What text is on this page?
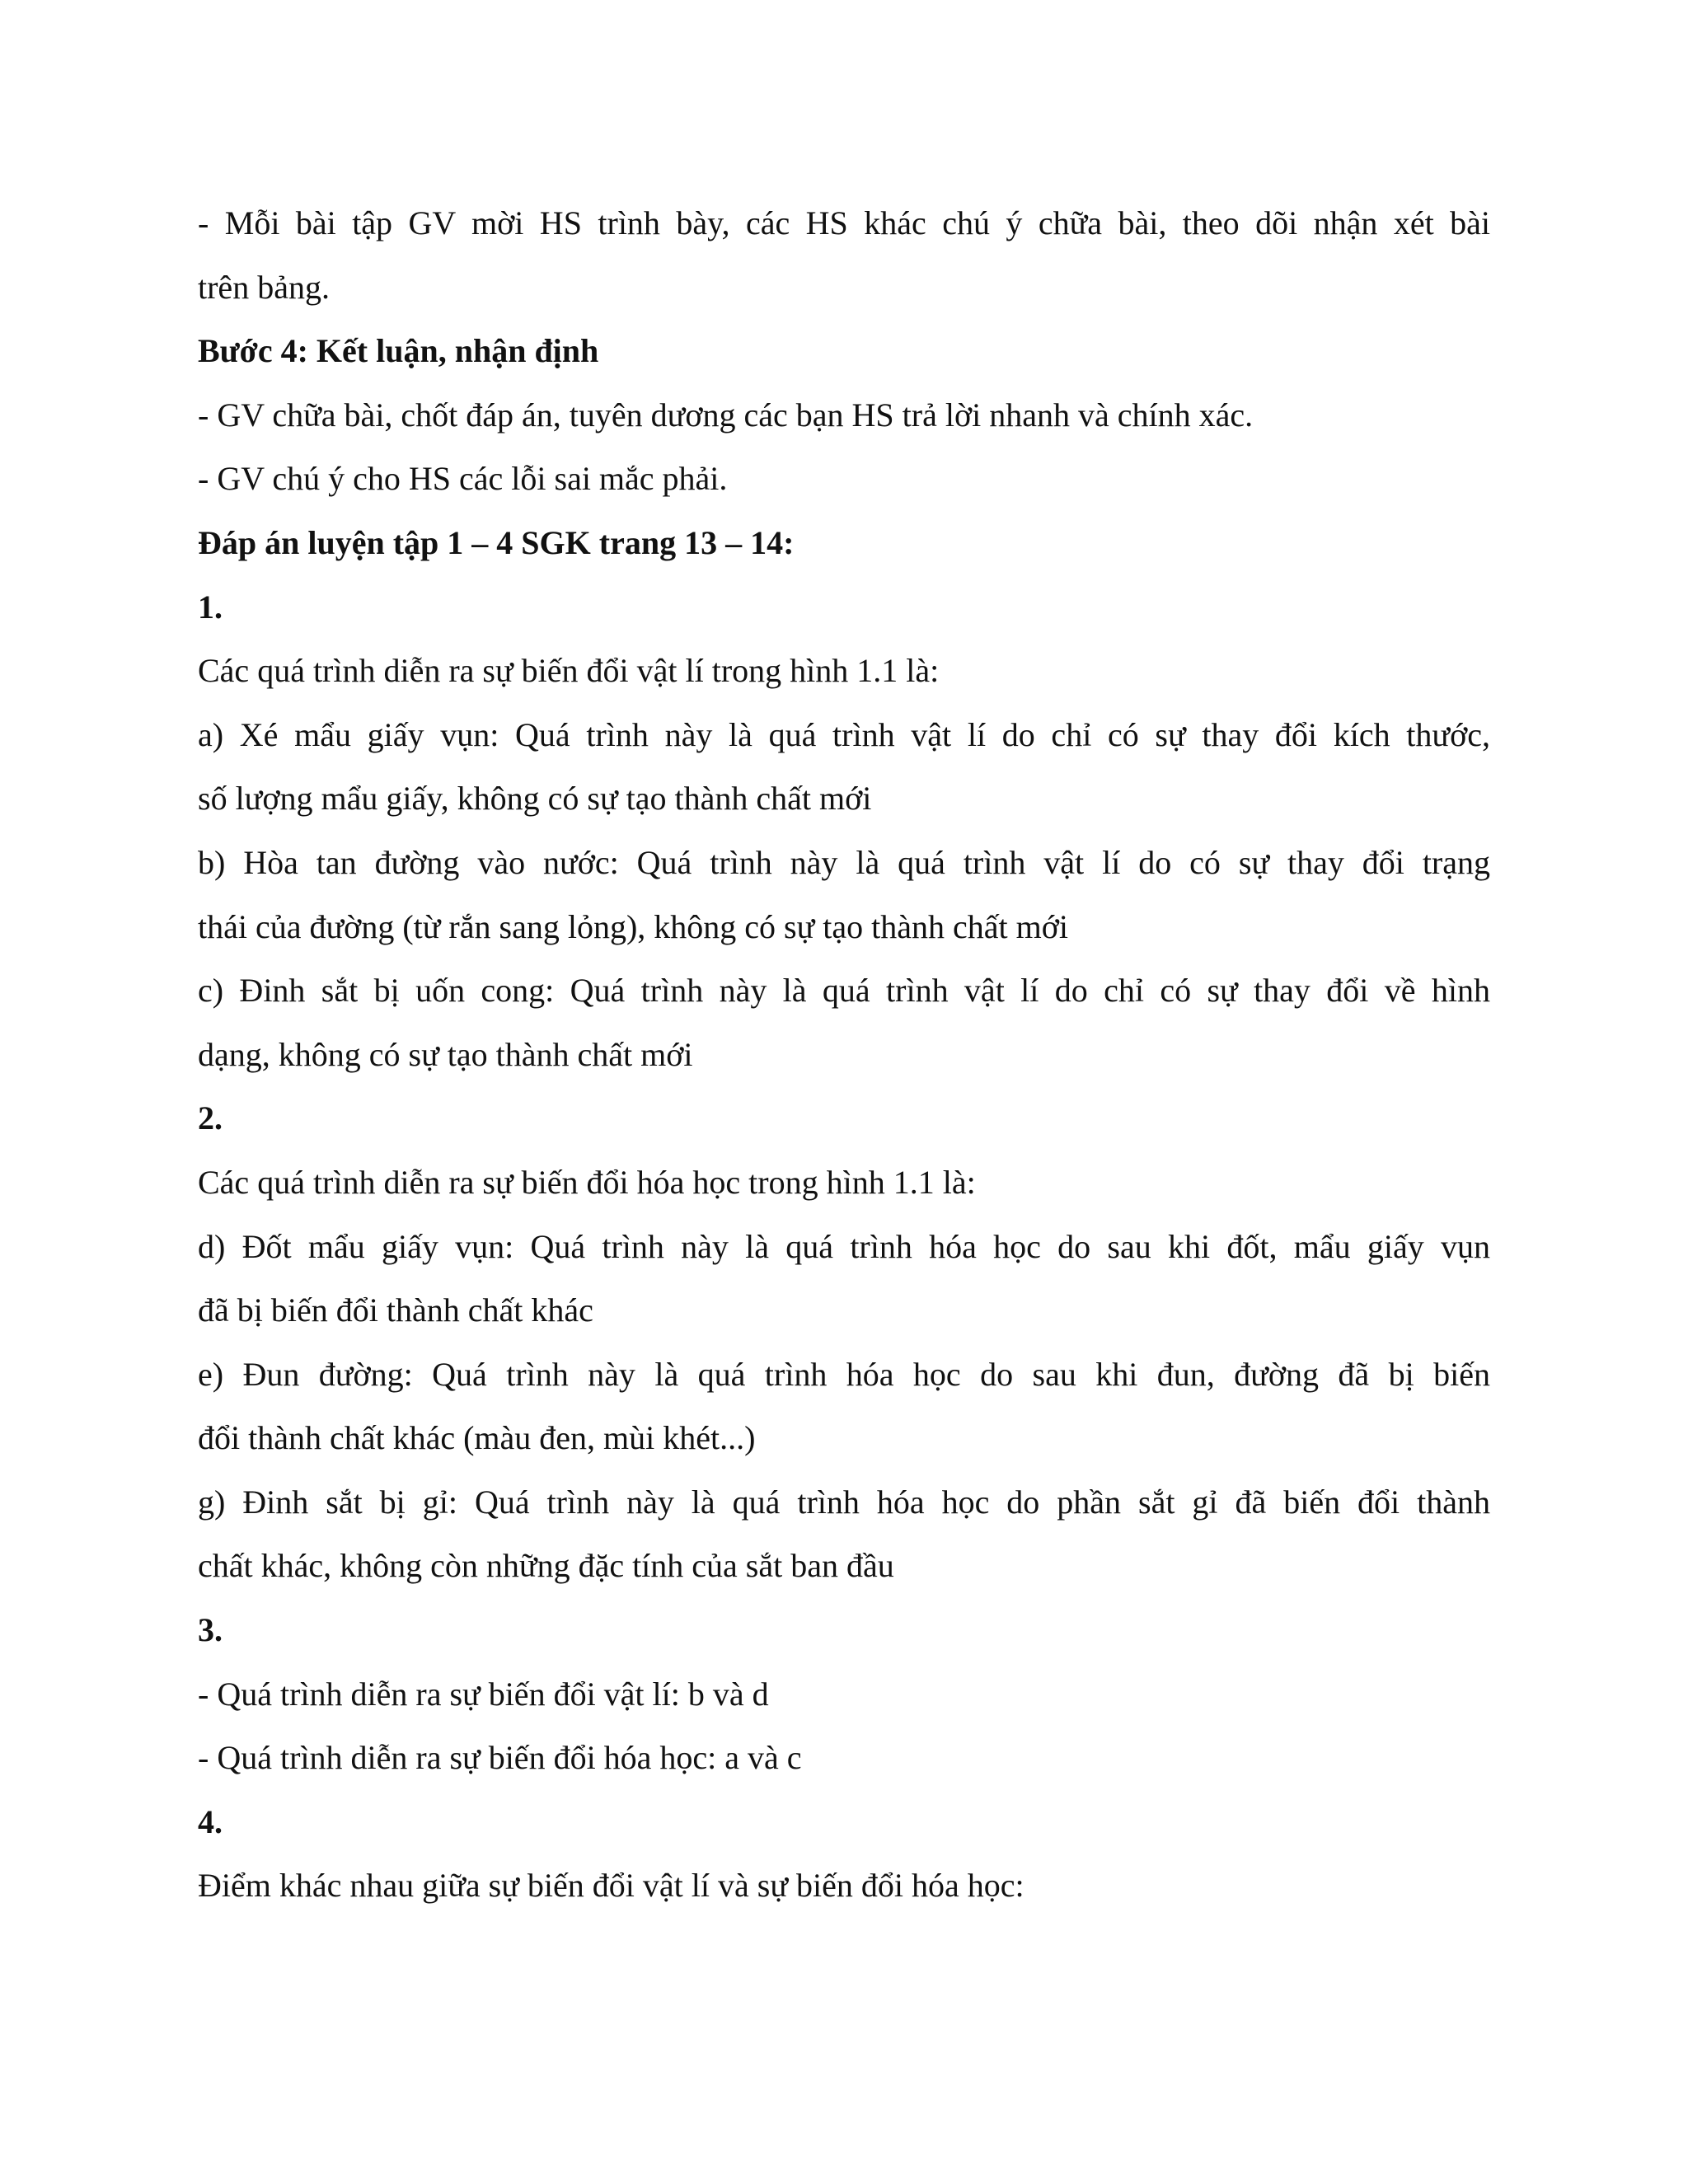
- Mỗi bài tập GV mời HS trình bày, các HS khác chú ý chữa bài, theo dõi nhận xét bài
trên bảng.
Bước 4: Kết luận, nhận định
- GV chữa bài, chốt đáp án, tuyên dương các bạn HS trả lời nhanh và chính xác.
- GV chú ý cho HS các lỗi sai mắc phải.
Đáp án luyện tập 1 – 4 SGK trang 13 – 14:
1.
Các quá trình diễn ra sự biến đổi vật lí trong hình 1.1 là:
a) Xé mẩu giấy vụn: Quá trình này là quá trình vật lí do chỉ có sự thay đổi kích thước,
số lượng mẩu giấy, không có sự tạo thành chất mới
b) Hòa tan đường vào nước: Quá trình này là quá trình vật lí do có sự thay đổi trạng
thái của đường (từ rắn sang lỏng), không có sự tạo thành chất mới
c) Đinh sắt bị uốn cong: Quá trình này là quá trình vật lí do chỉ có sự thay đổi về hình
dạng, không có sự tạo thành chất mới
2.
Các quá trình diễn ra sự biến đổi hóa học trong hình 1.1 là:
d) Đốt mẩu giấy vụn: Quá trình này là quá trình hóa học do sau khi đốt, mẩu giấy vụn
đã bị biến đổi thành chất khác
e) Đun đường: Quá trình này là quá trình hóa học do sau khi đun, đường đã bị biến
đổi thành chất khác (màu đen, mùi khét...)
g) Đinh sắt bị gỉ: Quá trình này là quá trình hóa học do phần sắt gỉ đã biến đổi thành
chất khác, không còn những đặc tính của sắt ban đầu
3.
- Quá trình diễn ra sự biến đổi vật lí: b và d
- Quá trình diễn ra sự biến đổi hóa học: a và c
4.
Điểm khác nhau giữa sự biến đổi vật lí và sự biến đổi hóa học:
